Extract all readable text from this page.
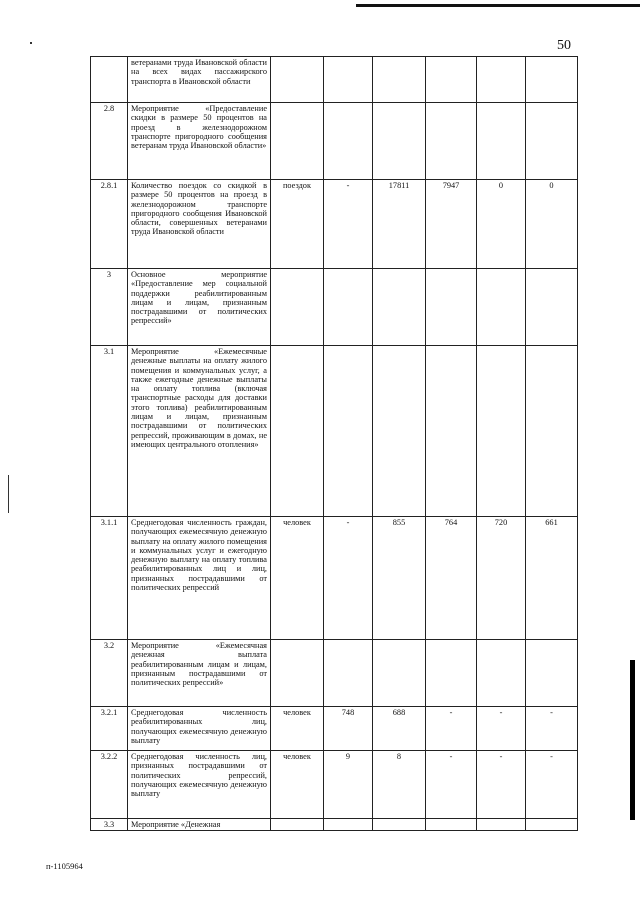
50
	ветеранами труда Ивановской области на всех видах пассажирского транспорта в Ивановской области						
2.8	Мероприятие «Предоставление скидки в размере 50 процентов на проезд в железнодорожном транспорте пригородного сообщения ветеранам труда Ивановской области»						
2.8.1	Количество поездок со скидкой в размере 50 процентов на проезд в железнодорожном транспорте пригородного сообщения Ивановской области, совершенных ветеранами труда Ивановской области	поездок	-	17811	7947	0	0
3	Основное мероприятие «Предоставление мер социальной поддержки реабилитированным лицам и лицам, признанным пострадавшими от политических репрессий»						
3.1	Мероприятие «Ежемесячные денежные выплаты на оплату жилого помещения и коммунальных услуг, а также ежегодные денежные выплаты на оплату топлива (включая транспортные расходы для доставки этого топлива) реабилитированным лицам и лицам, признанным пострадавшими от политических репрессий, проживающим в домах, не имеющих центрального отопления»						
3.1.1	Среднегодовая численность граждан, получающих ежемесячную денежную выплату на оплату жилого помещения и коммунальных услуг и ежегодную денежную выплату на оплату топлива реабилитированных лиц и лиц, признанных пострадавшими от политических репрессий	человек	-	855	764	720	661
3.2	Мероприятие «Ежемесячная денежная выплата реабилитированным лицам и лицам, признанным пострадавшими от политических репрессий»						
3.2.1	Среднегодовая численность реабилитированных лиц, получающих ежемесячную денежную выплату	человек	748	688	-	-	-
3.2.2	Среднегодовая численность лиц, признанных пострадавшими от политических репрессий, получающих ежемесячную денежную выплату	человек	9	8	-	-	-
3.3	Мероприятие «Денежная						
п-1105964
